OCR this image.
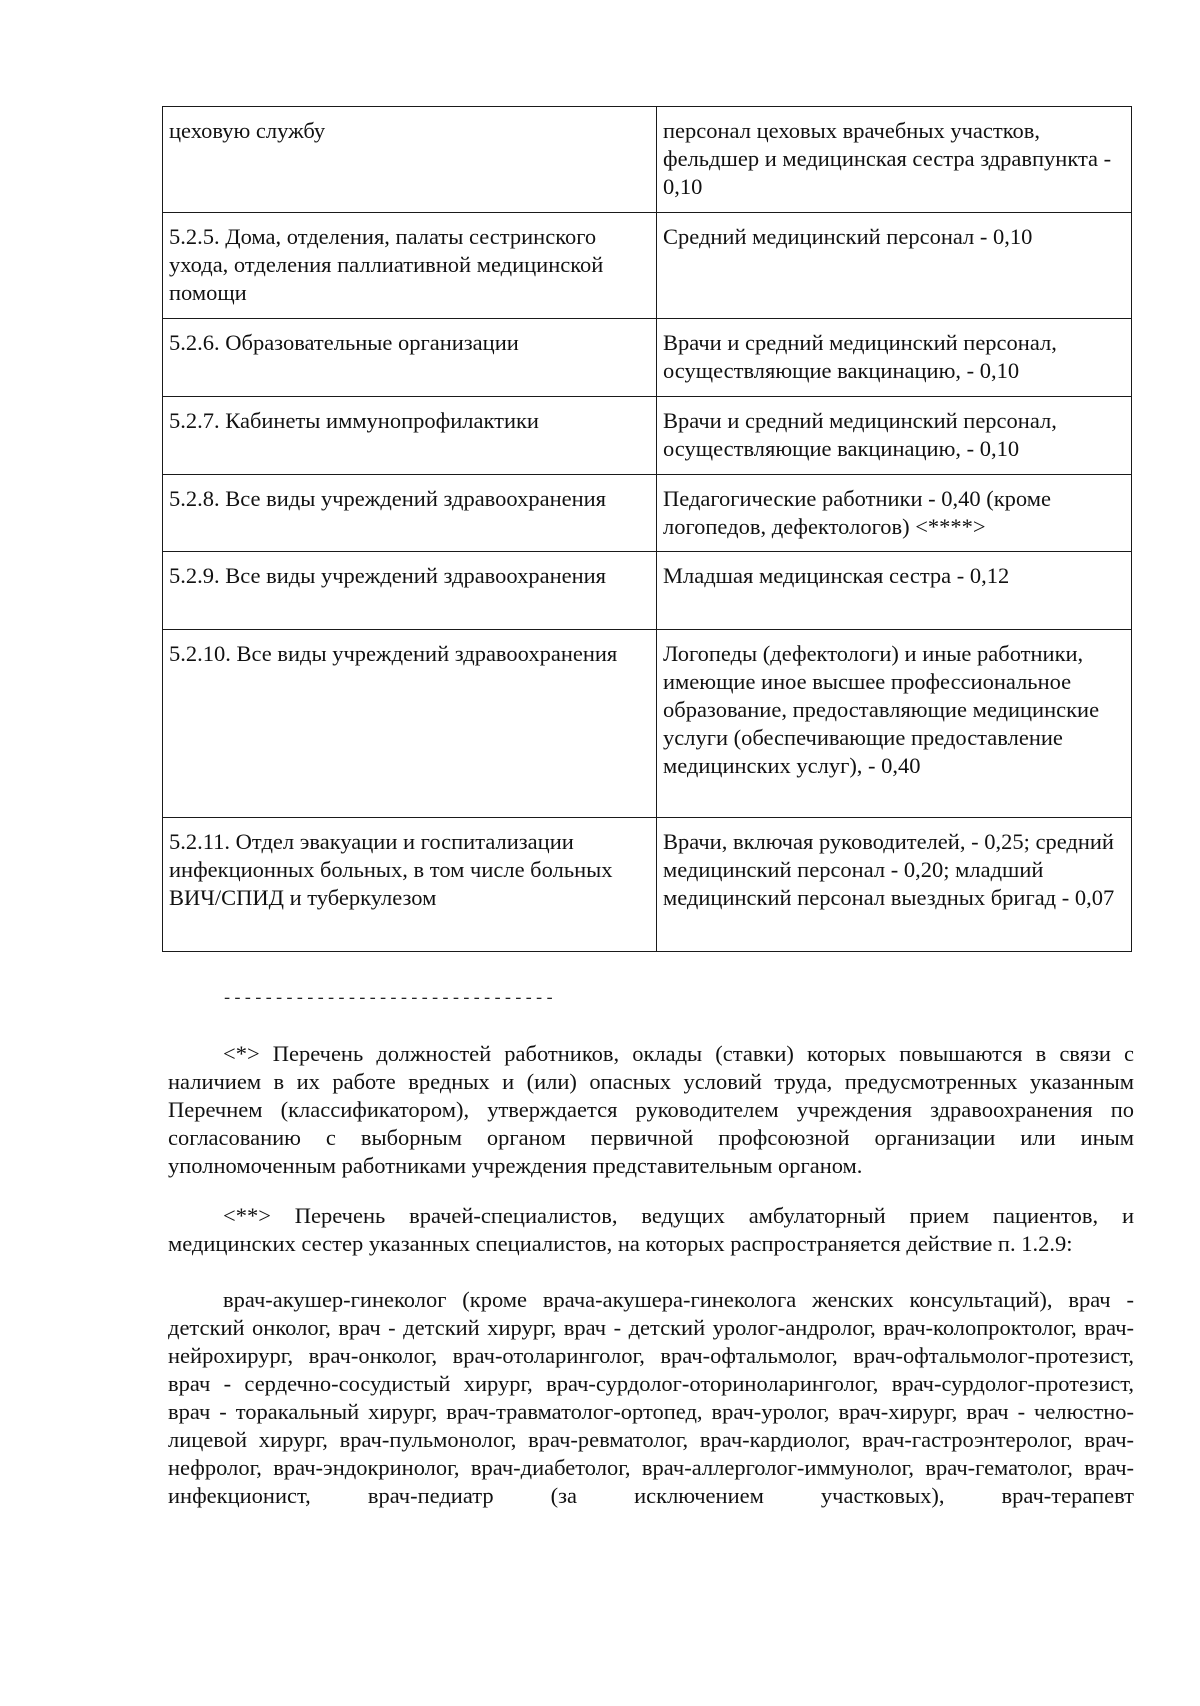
цеховую службу	персонал цеховых врачебных участков, фельдшер и медицинская сестра здравпункта - 0,10
5.2.5. Дома, отделения, палаты сестринского ухода, отделения паллиативной медицинской помощи	Средний медицинский персонал - 0,10
5.2.6. Образовательные организации	Врачи и средний медицинский персонал, осуществляющие вакцинацию, - 0,10
5.2.7. Кабинеты иммунопрофилактики	Врачи и средний медицинский персонал, осуществляющие вакцинацию, - 0,10
5.2.8. Все виды учреждений здравоохранения	Педагогические работники - 0,40 (кроме логопедов, дефектологов) <****>
5.2.9. Все виды учреждений здравоохранения	Младшая медицинская сестра - 0,12
5.2.10. Все виды учреждений здравоохранения	Логопеды (дефектологи) и иные работники, имеющие иное высшее профессиональное образование, предоставляющие медицинские услуги (обеспечивающие предоставление медицинских услуг), - 0,40
5.2.11. Отдел эвакуации и госпитализации инфекционных больных, в том числе больных ВИЧ/СПИД и туберкулезом	Врачи, включая руководителей, - 0,25; средний медицинский персонал - 0,20; младший медицинский персонал выездных бригад - 0,07
--------------------------------

<*> Перечень должностей работников, оклады (ставки) которых повышаются в связи с наличием в их работе вредных и (или) опасных условий труда, предусмотренных указанным Перечнем (классификатором), утверждается руководителем учреждения здравоохранения по согласованию с выборным органом первичной профсоюзной организации или иным уполномоченным работниками учреждения представительным органом.

<**> Перечень врачей-специалистов, ведущих амбулаторный прием пациентов, и медицинских сестер указанных специалистов, на которых распространяется действие п. 1.2.9:

врач-акушер-гинеколог (кроме врача-акушера-гинеколога женских консультаций), врач - детский онколог, врач - детский хирург, врач - детский уролог-андролог, врач-колопроктолог, врач-нейрохирург, врач-онколог, врач-отоларинголог, врач-офтальмолог, врач-офтальмолог-протезист, врач - сердечно-сосудистый хирург, врач-сурдолог-оториноларинголог, врач-сурдолог-протезист, врач - торакальный хирург, врач-травматолог-ортопед, врач-уролог, врач-хирург, врач - челюстно-лицевой хирург, врач-пульмонолог, врач-ревматолог, врач-кардиолог, врач-гастроэнтеролог, врач-нефролог, врач-эндокринолог, врач-диабетолог, врач-аллерголог-иммунолог, врач-гематолог, врач-инфекционист, врач-педиатр (за исключением участковых), врач-терапевт
